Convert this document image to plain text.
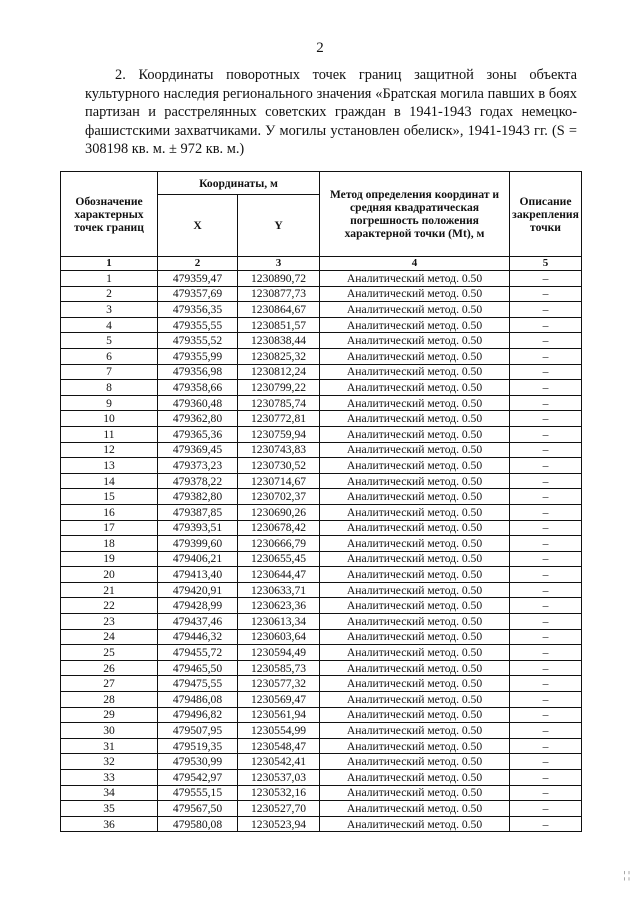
2

2. Координаты поворотных точек границ защитной зоны объекта культурного наследия регионального значения «Братская могила павших в боях партизан и расстрелянных советских граждан в 1941-1943 годах немецко-фашистскими захватчиками. У могилы установлен обелиск», 1941-1943 гг. (S = 308198 кв. м. ± 972 кв. м.)

Обозначение характерных точек границ	Координаты, м		Метод определения координат и средняя квадратическая погрешность положения характерной точки (Мt), м	Описание закрепления точки
	X	Y		
1	2	3	4	5
1	479359,47	1230890,72	Аналитический метод. 0.50	–
2	479357,69	1230877,73	Аналитический метод. 0.50	–
3	479356,35	1230864,67	Аналитический метод. 0.50	–
4	479355,55	1230851,57	Аналитический метод. 0.50	–
5	479355,52	1230838,44	Аналитический метод. 0.50	–
6	479355,99	1230825,32	Аналитический метод. 0.50	–
7	479356,98	1230812,24	Аналитический метод. 0.50	–
8	479358,66	1230799,22	Аналитический метод. 0.50	–
9	479360,48	1230785,74	Аналитический метод. 0.50	–
10	479362,80	1230772,81	Аналитический метод. 0.50	–
11	479365,36	1230759,94	Аналитический метод. 0.50	–
12	479369,45	1230743,83	Аналитический метод. 0.50	–
13	479373,23	1230730,52	Аналитический метод. 0.50	–
14	479378,22	1230714,67	Аналитический метод. 0.50	–
15	479382,80	1230702,37	Аналитический метод. 0.50	–
16	479387,85	1230690,26	Аналитический метод. 0.50	–
17	479393,51	1230678,42	Аналитический метод. 0.50	–
18	479399,60	1230666,79	Аналитический метод. 0.50	–
19	479406,21	1230655,45	Аналитический метод. 0.50	–
20	479413,40	1230644,47	Аналитический метод. 0.50	–
21	479420,91	1230633,71	Аналитический метод. 0.50	–
22	479428,99	1230623,36	Аналитический метод. 0.50	–
23	479437,46	1230613,34	Аналитический метод. 0.50	–
24	479446,32	1230603,64	Аналитический метод. 0.50	–
25	479455,72	1230594,49	Аналитический метод. 0.50	–
26	479465,50	1230585,73	Аналитический метод. 0.50	–
27	479475,55	1230577,32	Аналитический метод. 0.50	–
28	479486,08	1230569,47	Аналитический метод. 0.50	–
29	479496,82	1230561,94	Аналитический метод. 0.50	–
30	479507,95	1230554,99	Аналитический метод. 0.50	–
31	479519,35	1230548,47	Аналитический метод. 0.50	–
32	479530,99	1230542,41	Аналитический метод. 0.50	–
33	479542,97	1230537,03	Аналитический метод. 0.50	–
34	479555,15	1230532,16	Аналитический метод. 0.50	–
35	479567,50	1230527,70	Аналитический метод. 0.50	–
36	479580,08	1230523,94	Аналитический метод. 0.50	–
¦ ¦
